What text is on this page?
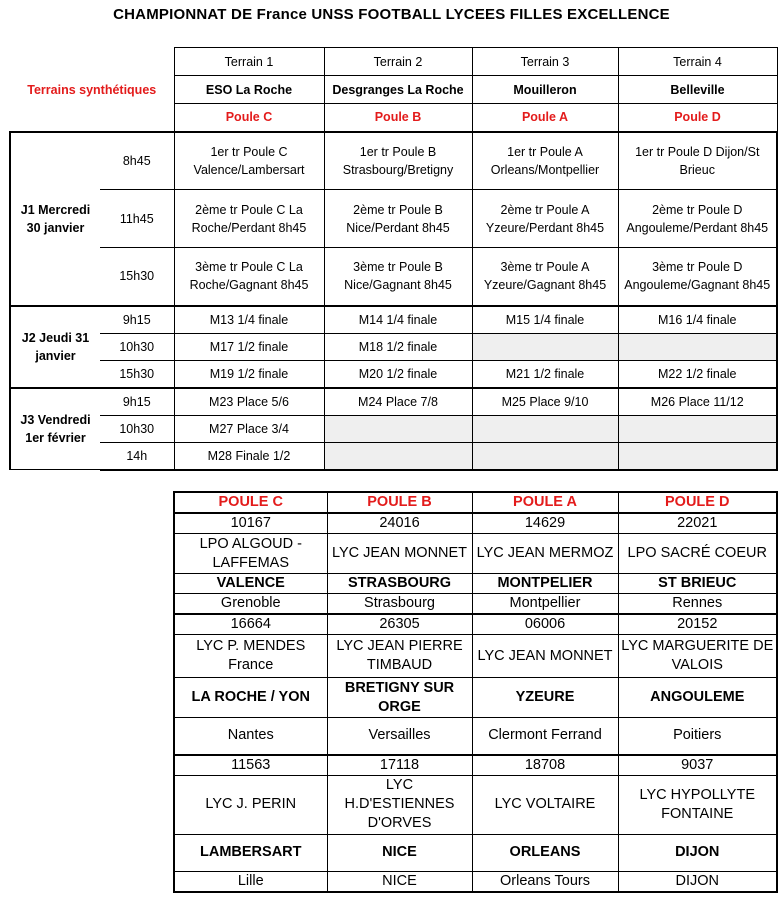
CHAMPIONNAT DE France UNSS FOOTBALL LYCEES FILLES EXCELLENCE
		Terrain 1	Terrain 2	Terrain 3	Terrain 4
Terrains synthétiques		ESO La Roche	Desgranges La Roche	Mouilleron	Belleville
		Poule C	Poule B	Poule A	Poule D
J1 Mercredi 30 janvier	8h45	1er tr Poule C Valence/Lambersart	1er tr Poule B Strasbourg/Bretigny	1er tr Poule A Orleans/Montpellier	1er tr Poule D Dijon/St Brieuc
	11h45	2ème tr Poule C La Roche/Perdant 8h45	2ème tr Poule B Nice/Perdant 8h45	2ème tr Poule A Yzeure/Perdant 8h45	2ème tr Poule D Angouleme/Perdant 8h45
	15h30	3ème tr Poule C La Roche/Gagnant 8h45	3ème tr Poule B Nice/Gagnant 8h45	3ème tr Poule A Yzeure/Gagnant 8h45	3ème tr Poule D Angouleme/Gagnant 8h45
J2 Jeudi 31 janvier	9h15	M13 1/4 finale	M14 1/4 finale	M15 1/4 finale	M16 1/4 finale
	10h30	M17 1/2 finale	M18 1/2 finale		
	15h30	M19 1/2 finale	M20 1/2 finale	M21 1/2 finale	M22 1/2 finale
J3 Vendredi 1er février	9h15	M23 Place 5/6	M24 Place 7/8	M25 Place 9/10	M26 Place 11/12
	10h30	M27 Place 3/4			
	14h	M28 Finale 1/2			
POULE C	POULE B	POULE A	POULE D
10167	24016	14629	22021
LPO ALGOUD - LAFFEMAS	LYC JEAN MONNET	LYC JEAN MERMOZ	LPO SACRÉ COEUR
VALENCE	STRASBOURG	MONTPELIER	ST BRIEUC
Grenoble	Strasbourg	Montpellier	Rennes
16664	26305	06006	20152
LYC P. MENDES France	LYC JEAN PIERRE TIMBAUD	LYC JEAN MONNET	LYC MARGUERITE DE VALOIS
LA ROCHE / YON	BRETIGNY SUR ORGE	YZEURE	ANGOULEME
Nantes	Versailles	Clermont Ferrand	Poitiers
11563	17118	18708	9037
LYC J. PERIN	LYC H.D'ESTIENNES D'ORVES	LYC VOLTAIRE	LYC HYPOLLYTE FONTAINE
LAMBERSART	NICE	ORLEANS	DIJON
Lille	NICE	Orleans Tours	DIJON
